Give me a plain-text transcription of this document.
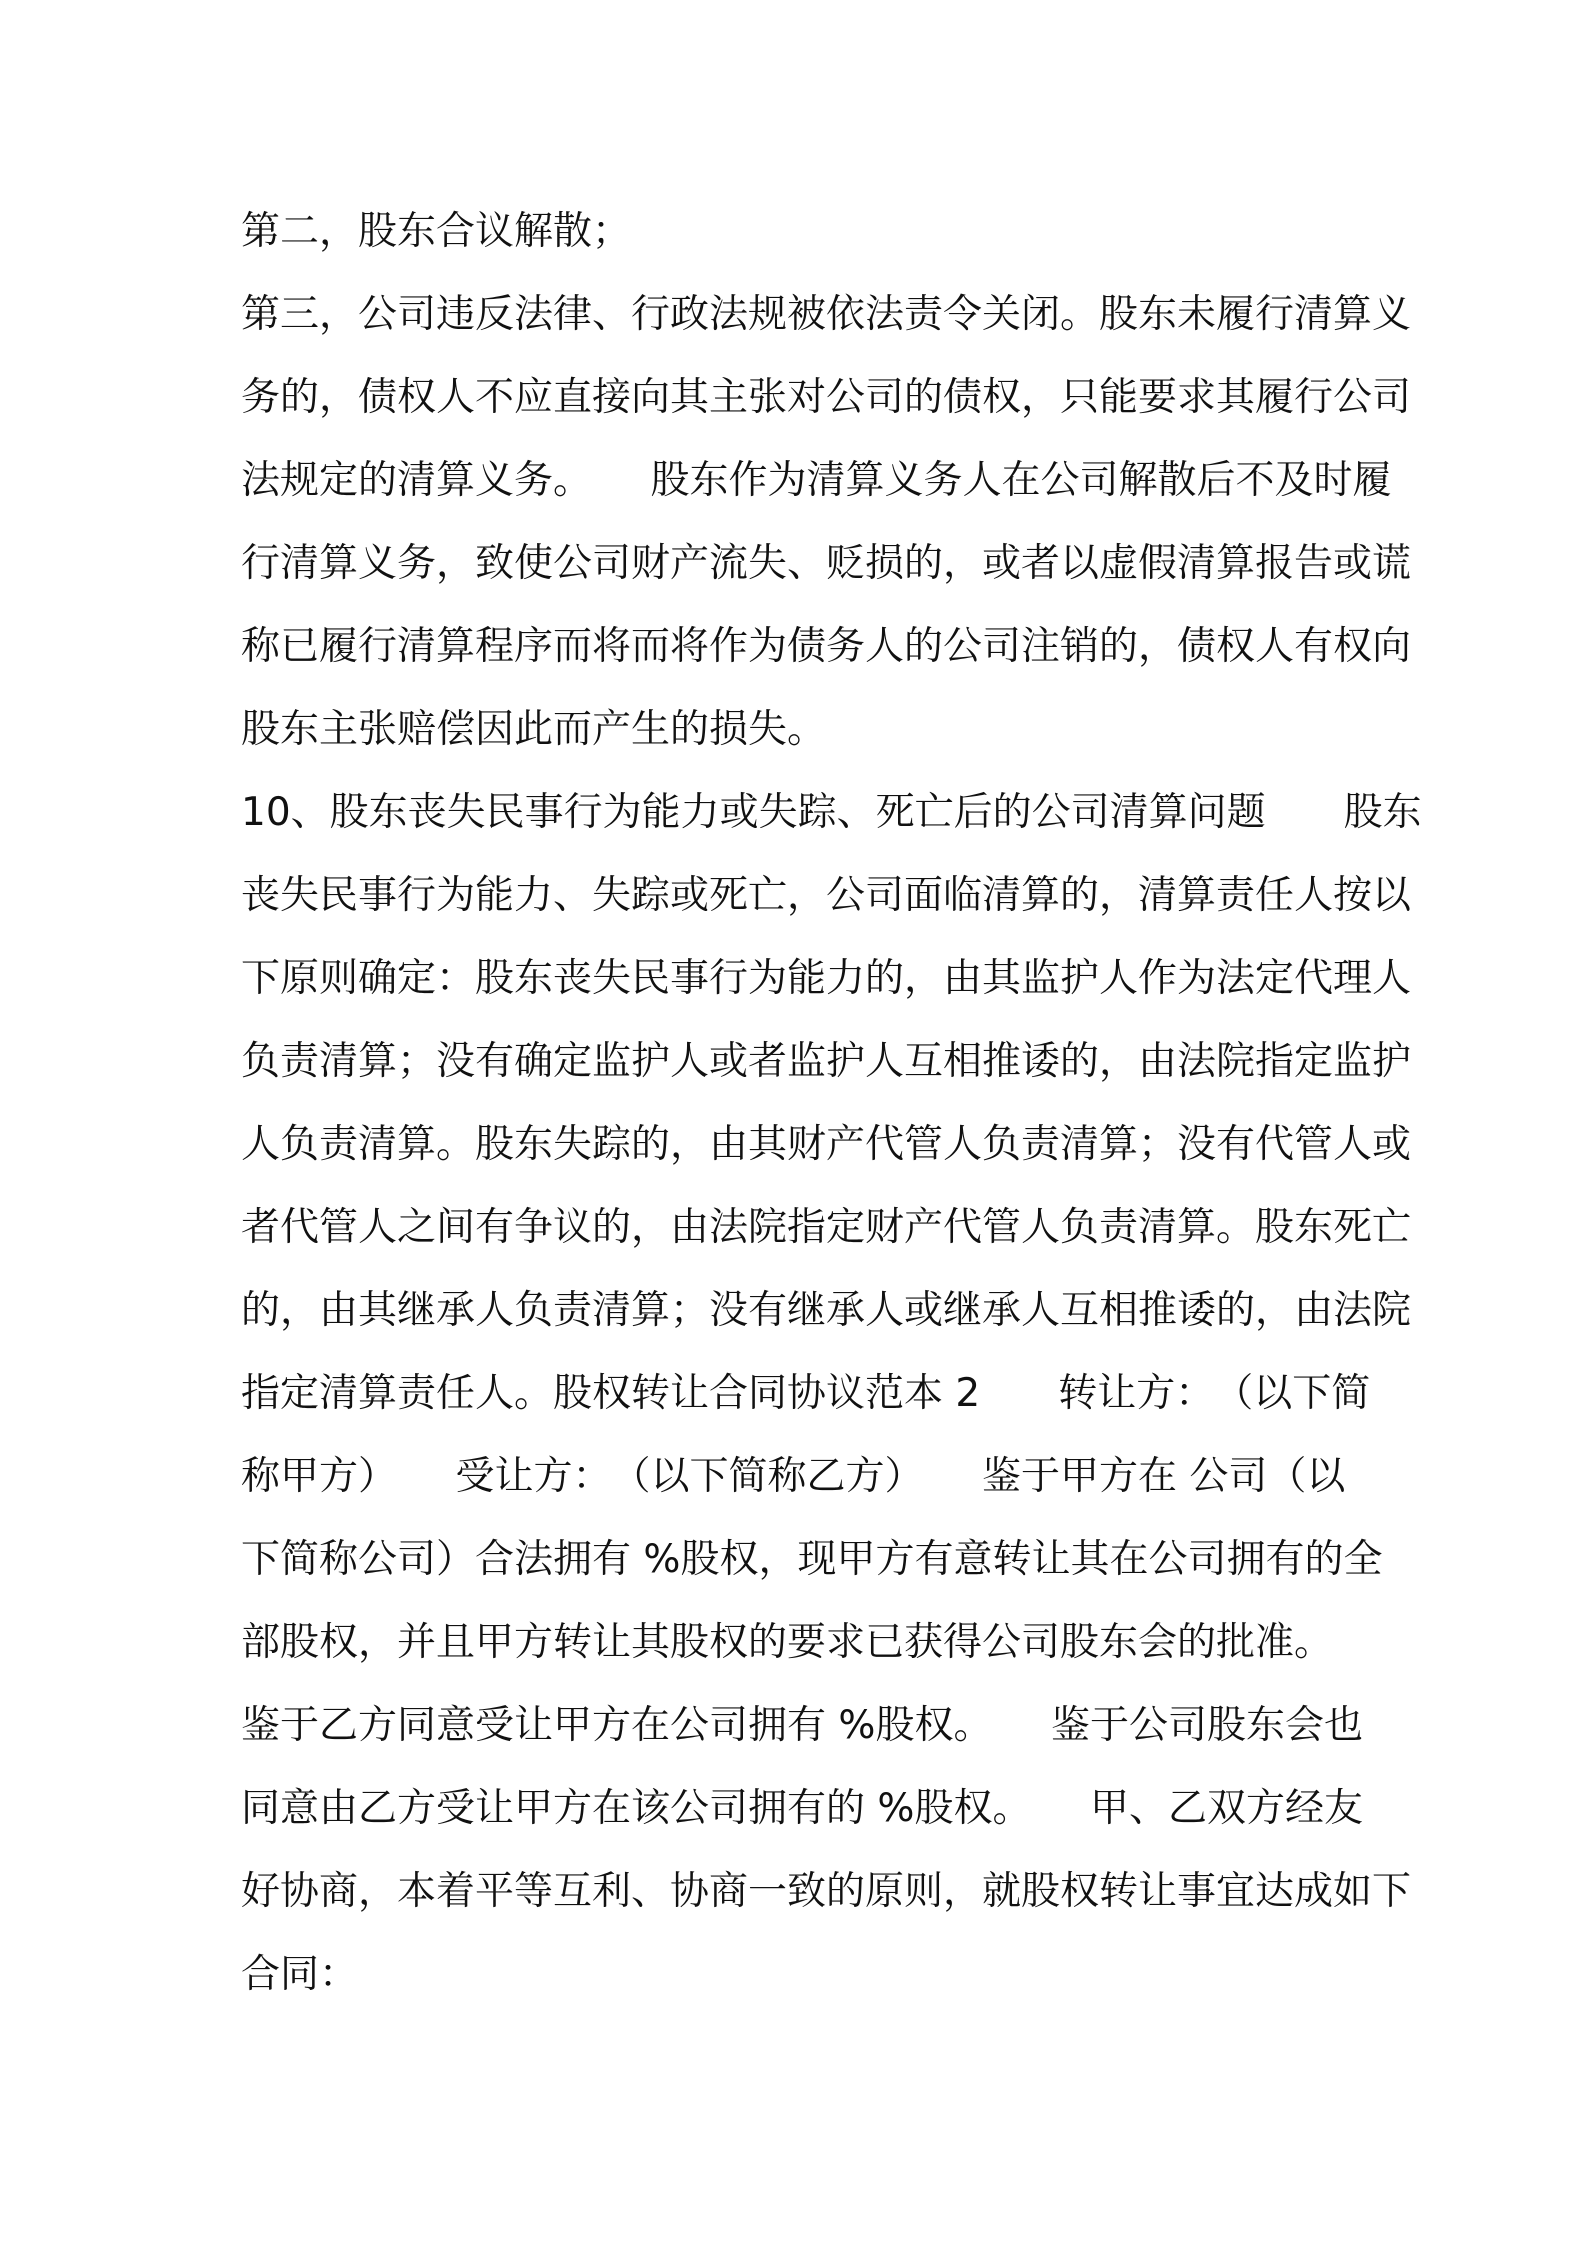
第二，股东合议解散；
第三，公司违反法律、行政法规被依法责令关闭。股东未履行清算义
务的，债权人不应直接向其主张对公司的债权，只能要求其履行公司
法规定的清算义务。　　股东作为清算义务人在公司解散后不及时履
行清算义务，致使公司财产流失、贬损的，或者以虚假清算报告或谎
称已履行清算程序而将而将作为债务人的公司注销的，债权人有权向
股东主张赔偿因此而产生的损失。
10、股东丧失民事行为能力或失踪、死亡后的公司清算问题　　股东
丧失民事行为能力、失踪或死亡，公司面临清算的，清算责任人按以
下原则确定：股东丧失民事行为能力的，由其监护人作为法定代理人
负责清算；没有确定监护人或者监护人互相推诿的，由法院指定监护
人负责清算。股东失踪的，由其财产代管人负责清算；没有代管人或
者代管人之间有争议的，由法院指定财产代管人负责清算。股东死亡
的，由其继承人负责清算；没有继承人或继承人互相推诿的，由法院
指定清算责任人。股权转让合同协议范本 2　　转让方：　（以下简
称甲方）　　受让方：　（以下简称乙方）　　鉴于甲方在 公司（以
下简称公司）合法拥有 %股权，现甲方有意转让其在公司拥有的全
部股权，并且甲方转让其股权的要求已获得公司股东会的批准。
鉴于乙方同意受让甲方在公司拥有 %股权。　　鉴于公司股东会也
同意由乙方受让甲方在该公司拥有的 %股权。　　甲、乙双方经友
好协商，本着平等互利、协商一致的原则，就股权转让事宜达成如下
合同：
